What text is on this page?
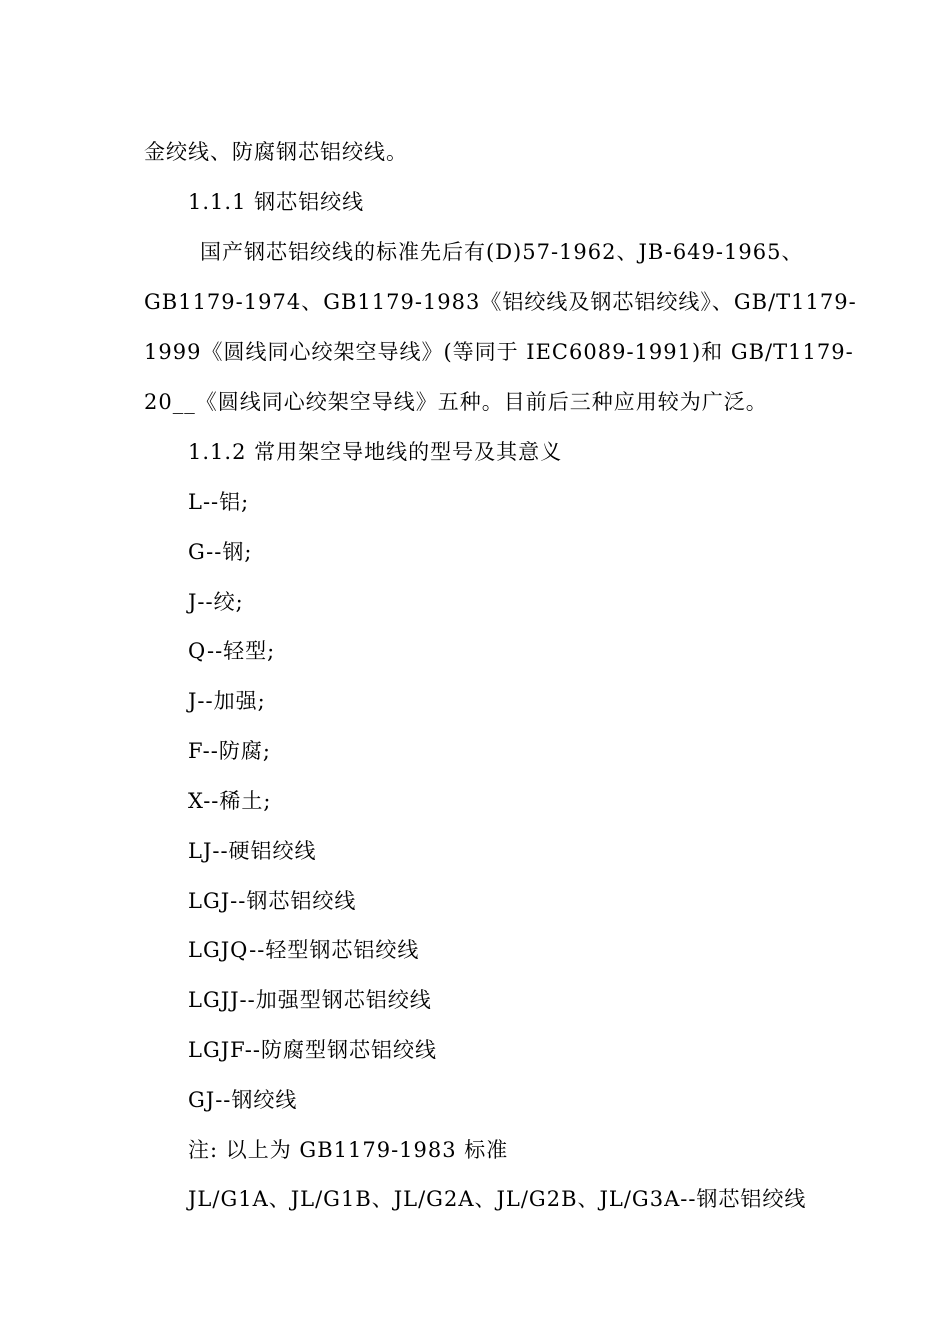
金绞线、防腐钢芯铝绞线。
1.1.1 钢芯铝绞线
国产钢芯铝绞线的标准先后有(D)57-1962、JB-649-1965、
GB1179-1974、GB1179-1983《铝绞线及钢芯铝绞线》、GB/T1179-
1999《圆线同心绞架空导线》(等同于 IEC6089-1991)和 GB/T1179-
20__《圆线同心绞架空导线》五种。目前后三种应用较为广泛。
1.1.2 常用架空导地线的型号及其意义
L--铝;
G--钢;
J--绞;
Q--轻型;
J--加强;
F--防腐;
X--稀土;
LJ--硬铝绞线
LGJ--钢芯铝绞线
LGJQ--轻型钢芯铝绞线
LGJJ--加强型钢芯铝绞线
LGJF--防腐型钢芯铝绞线
GJ--钢绞线
注: 以上为 GB1179-1983 标准
JL/G1A、JL/G1B、JL/G2A、JL/G2B、JL/G3A--钢芯铝绞线
